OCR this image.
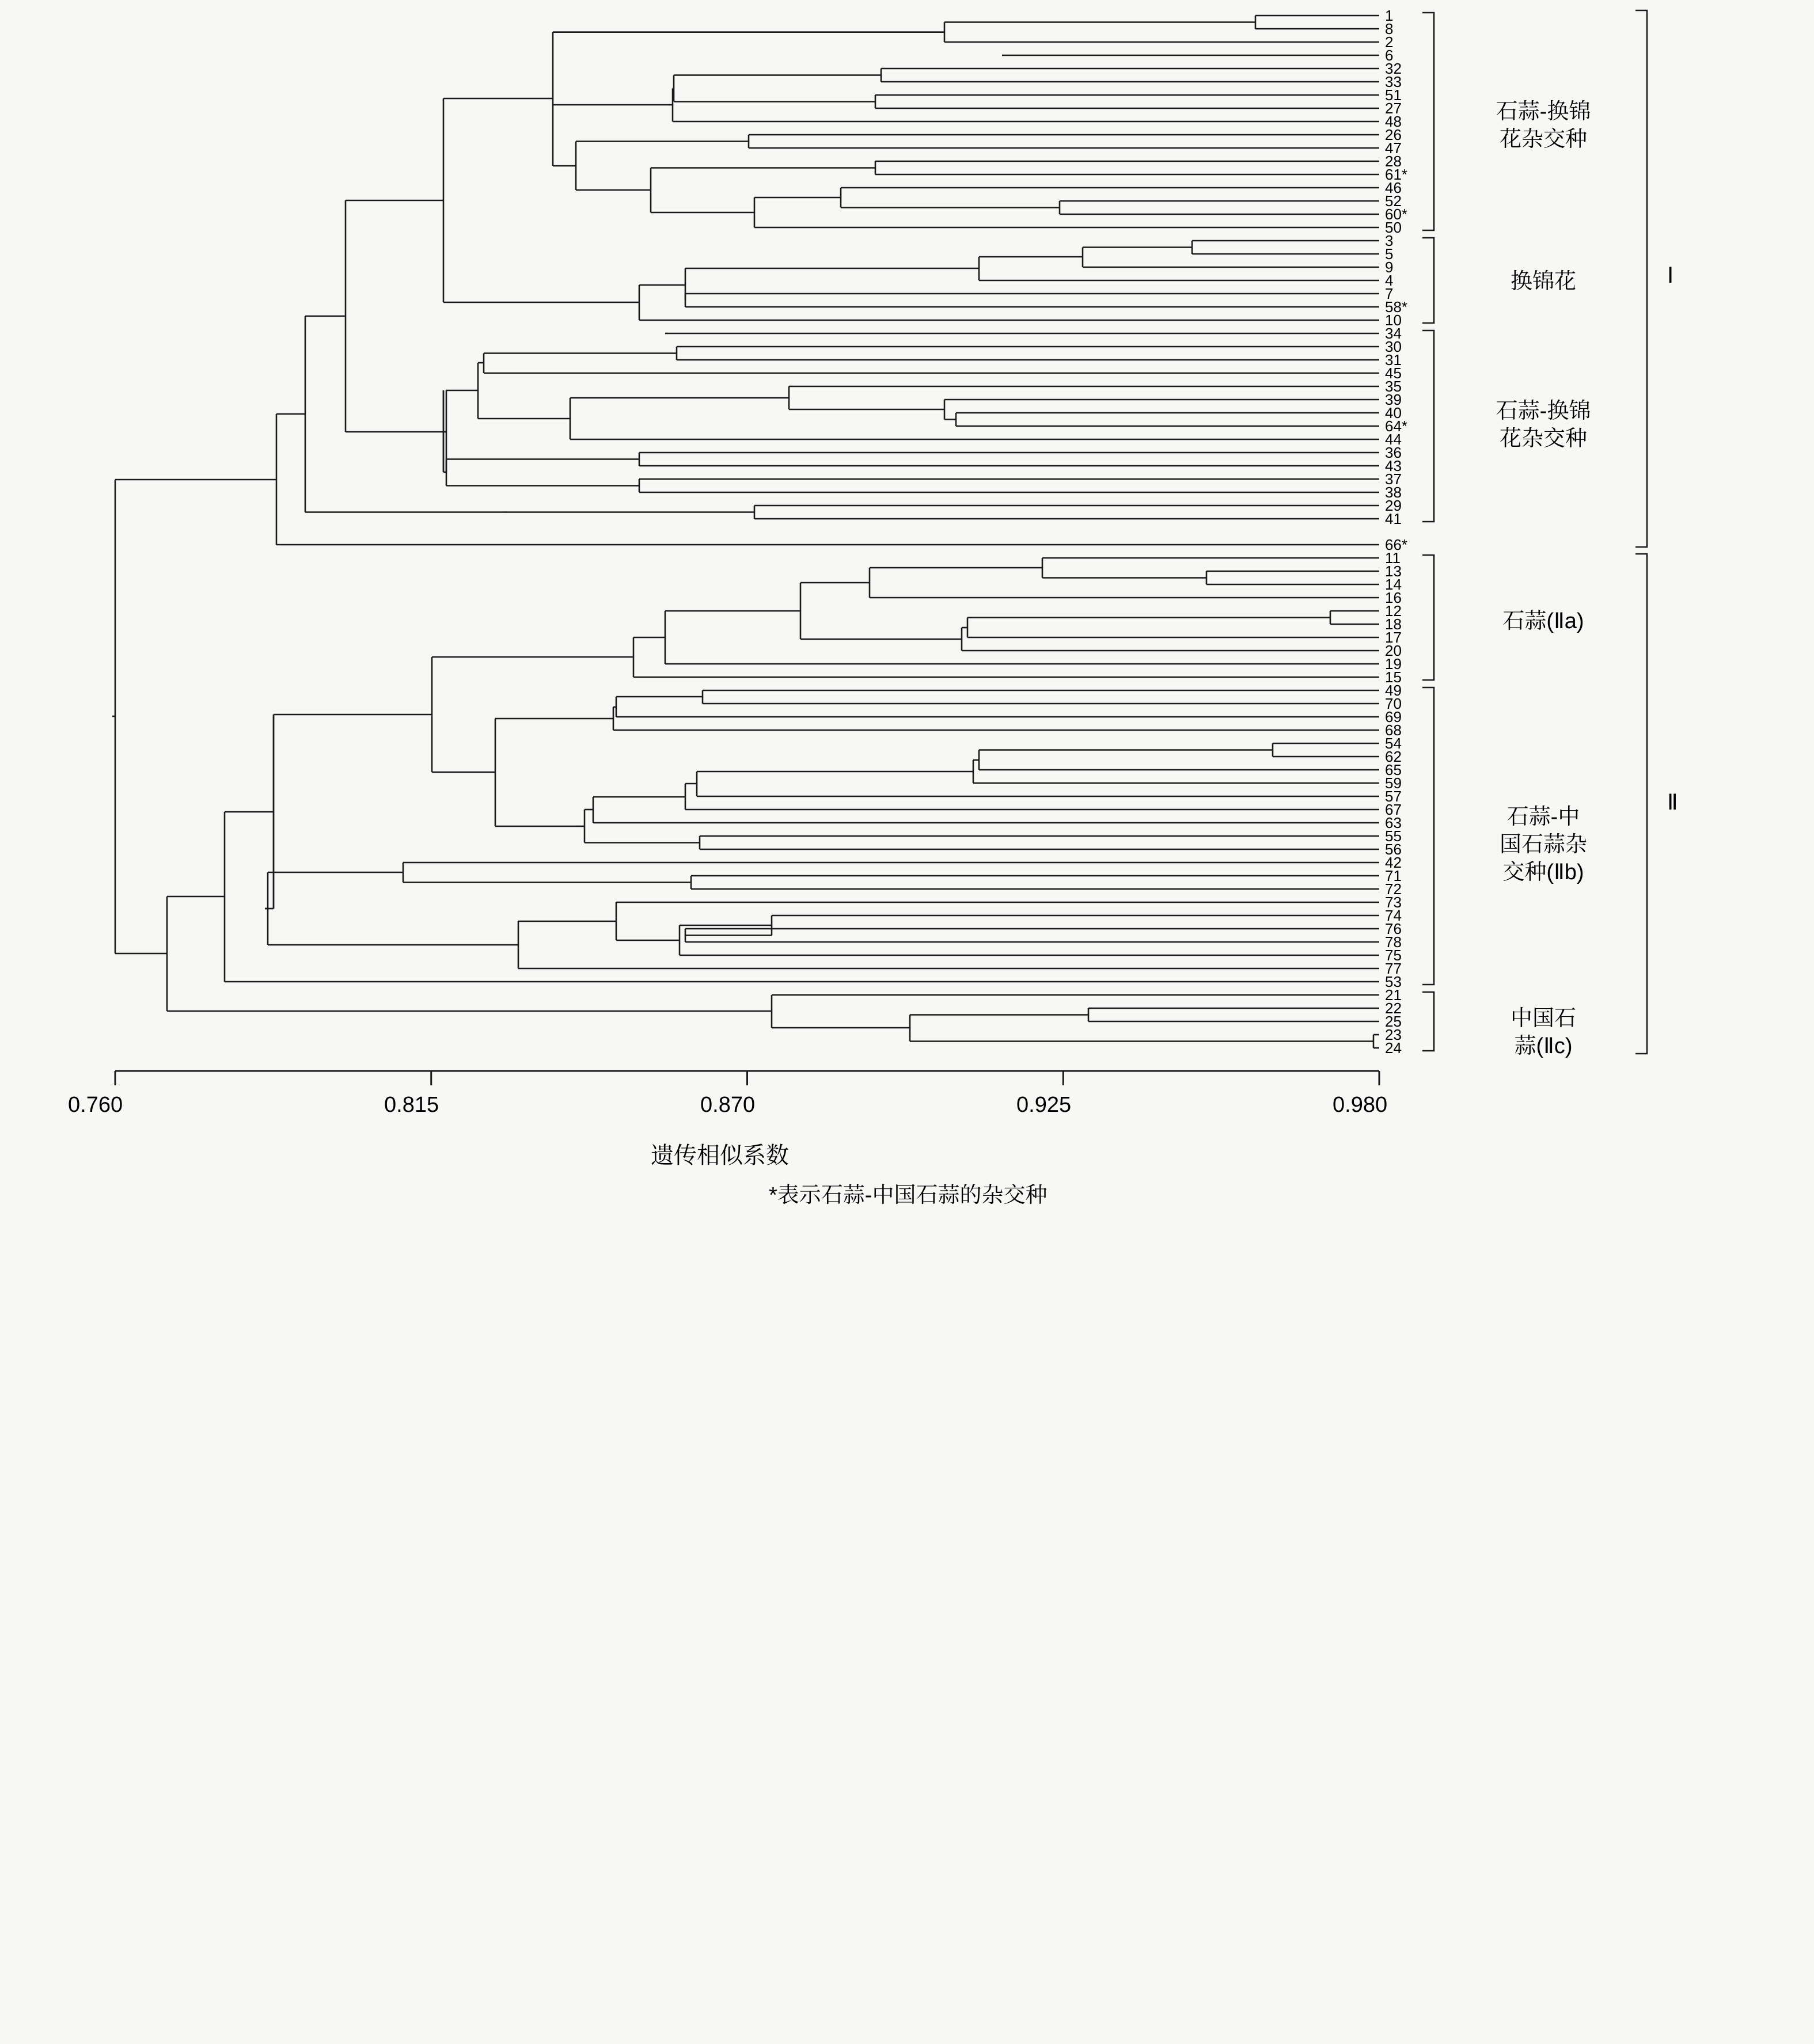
1
8
2
6
32
33
51
27
48
26
47
28
61*
46
52
60*
50
3
5
9
4
7
58*
10
34
30
31
45
35
39
40
64*
44
36
43
37
38
29
41
66*
11
13
14
16
12
18
17
20
19
15
49
70
69
68
54
62
65
59
57
67
63
55
56
42
71
72
73
74
76
78
75
77
53
21
22
25
23
24
石蒜-换锦
花杂交种
换锦花
石蒜-换锦
花杂交种
石蒜(Ⅱa)
石蒜-中
国石蒜杂
交种(Ⅱb)
中国石
蒜(Ⅱc)
Ⅰ
Ⅱ
0.760	0.815	0.870	0.925	0.980
遗传相似系数
*表示石蒜-中国石蒜的杂交种
